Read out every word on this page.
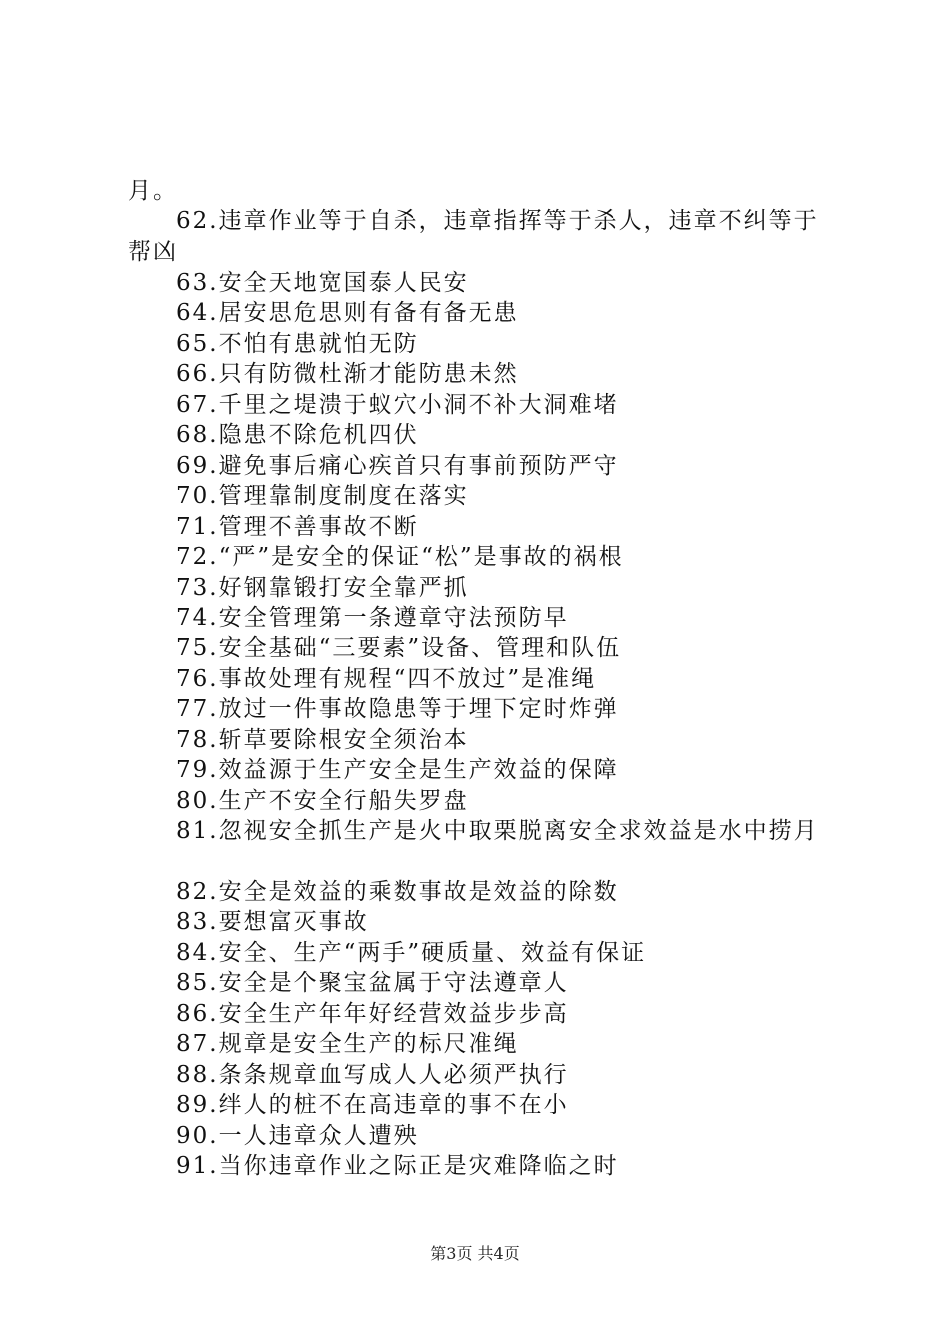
月。
62.违章作业等于自杀，违章指挥等于杀人，违章不纠等于
帮凶
63.安全天地宽国泰人民安
64.居安思危思则有备有备无患
65.不怕有患就怕无防
66.只有防微杜渐才能防患未然
67.千里之堤溃于蚁穴小洞不补大洞难堵
68.隐患不除危机四伏
69.避免事后痛心疾首只有事前预防严守
70.管理靠制度制度在落实
71.管理不善事故不断
72.“严”是安全的保证“松”是事故的祸根
73.好钢靠锻打安全靠严抓
74.安全管理第一条遵章守法预防早
75.安全基础“三要素”设备、管理和队伍
76.事故处理有规程“四不放过”是准绳
77.放过一件事故隐患等于埋下定时炸弹
78.斩草要除根安全须治本
79.效益源于生产安全是生产效益的保障
80.生产不安全行船失罗盘
81.忽视安全抓生产是火中取栗脱离安全求效益是水中捞月
82.安全是效益的乘数事故是效益的除数
83.要想富灭事故
84.安全、生产“两手”硬质量、效益有保证
85.安全是个聚宝盆属于守法遵章人
86.安全生产年年好经营效益步步高
87.规章是安全生产的标尺准绳
88.条条规章血写成人人必须严执行
89.绊人的桩不在高违章的事不在小
90.一人违章众人遭殃
91.当你违章作业之际正是灾难降临之时
第3页 共4页
